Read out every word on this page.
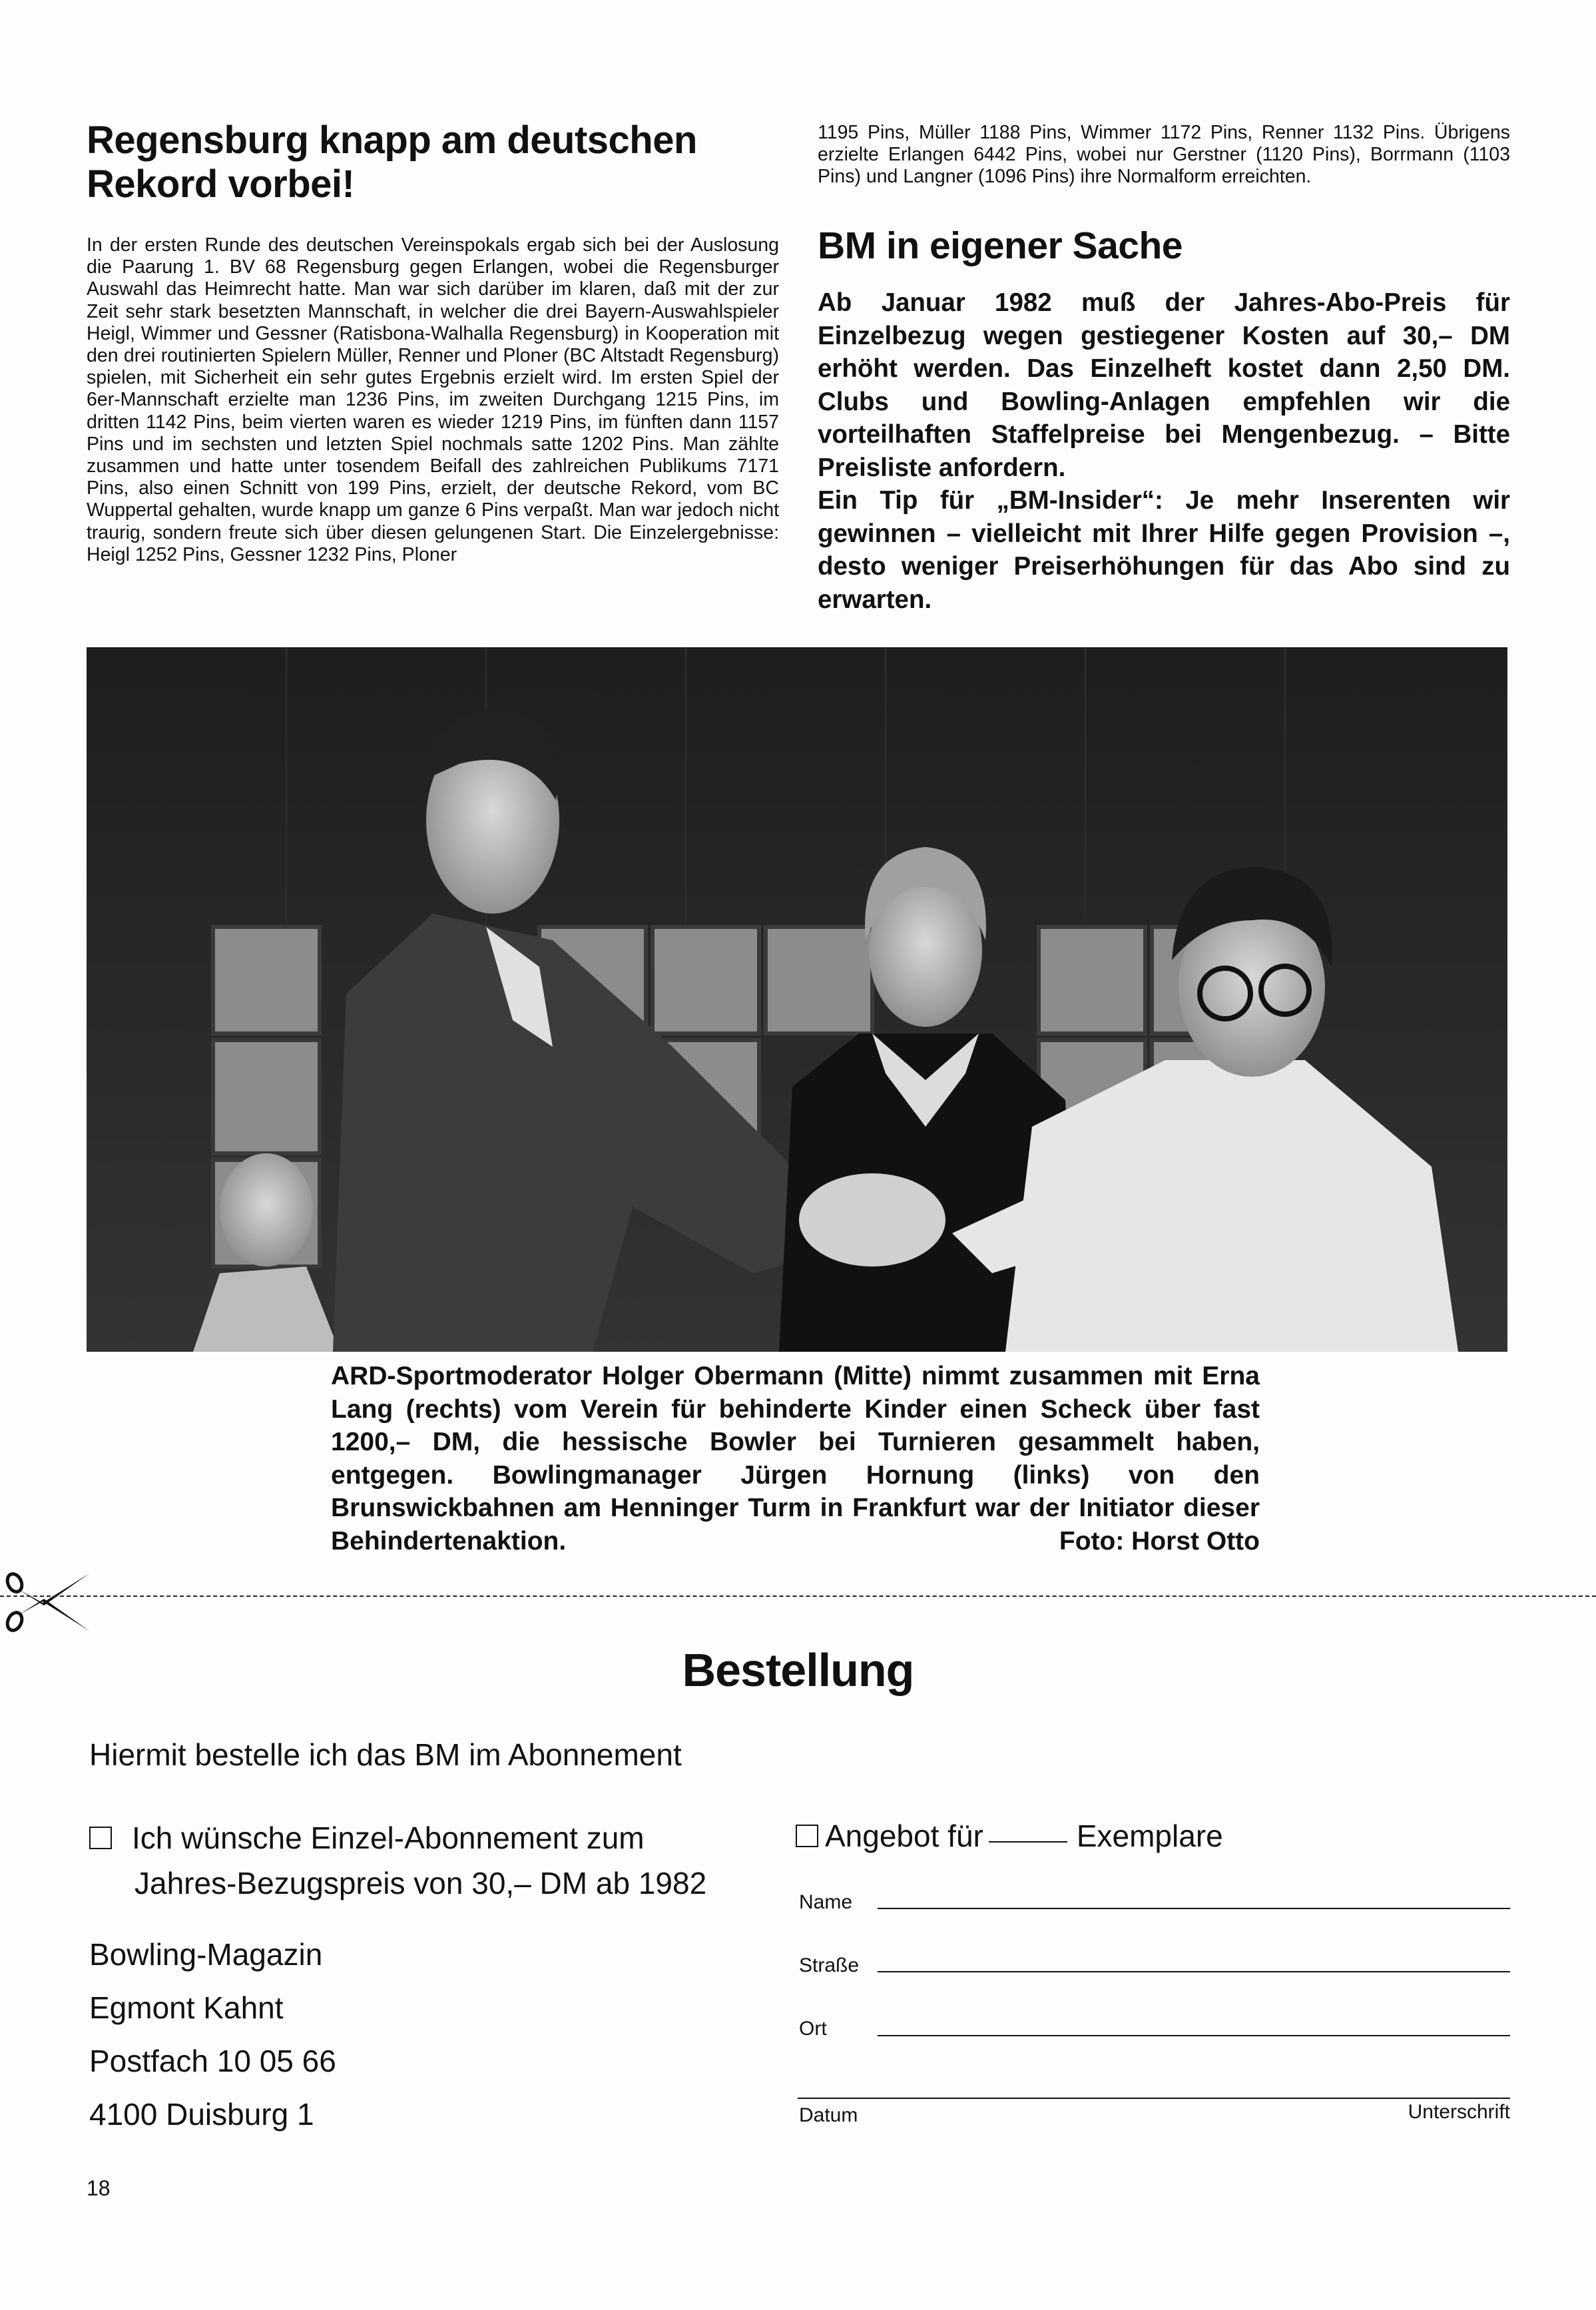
Regensburg knapp am deutschen Rekord vorbei!
In der ersten Runde des deutschen Vereinspokals ergab sich bei der Auslosung die Paarung 1. BV 68 Regensburg gegen Erlangen, wobei die Regensburger Auswahl das Heimrecht hatte. Man war sich darüber im klaren, daß mit der zur Zeit sehr stark besetzten Mannschaft, in welcher die drei Bayern-Auswahlspieler Heigl, Wimmer und Gessner (Ratisbona-Walhalla Regensburg) in Kooperation mit den drei routinierten Spielern Müller, Renner und Ploner (BC Altstadt Regensburg) spielen, mit Sicherheit ein sehr gutes Ergebnis erzielt wird. Im ersten Spiel der 6er-Mannschaft erzielte man 1236 Pins, im zweiten Durchgang 1215 Pins, im dritten 1142 Pins, beim vierten waren es wieder 1219 Pins, im fünften dann 1157 Pins und im sechsten und letzten Spiel nochmals satte 1202 Pins. Man zählte zusammen und hatte unter tosendem Beifall des zahlreichen Publikums 7171 Pins, also einen Schnitt von 199 Pins, erzielt, der deutsche Rekord, vom BC Wuppertal gehalten, wurde knapp um ganze 6 Pins verpaßt. Man war jedoch nicht traurig, sondern freute sich über diesen gelungenen Start. Die Einzelergebnisse: Heigl 1252 Pins, Gessner 1232 Pins, Ploner
1195 Pins, Müller 1188 Pins, Wimmer 1172 Pins, Renner 1132 Pins. Übrigens erzielte Erlangen 6442 Pins, wobei nur Gerstner (1120 Pins), Borrmann (1103 Pins) und Langner (1096 Pins) ihre Normalform erreichten.
BM in eigener Sache

Ab Januar 1982 muß der Jahres-Abo-Preis für Einzelbezug wegen gestiegener Kosten auf 30,– DM erhöht werden. Das Einzelheft kostet dann 2,50 DM. Clubs und Bowling-Anlagen empfehlen wir die vorteilhaften Staffelpreise bei Mengenbezug. – Bitte Preisliste anfordern.

Ein Tip für „BM-Insider“: Je mehr Inserenten wir gewinnen – vielleicht mit Ihrer Hilfe gegen Provision –, desto weniger Preiserhöhungen für das Abo sind zu erwarten.

ARD-Sportmoderator Holger Obermann (Mitte) nimmt zusammen mit Erna Lang (rechts) vom Verein für behinderte Kinder einen Scheck über fast 1200,– DM, die hessische Bowler bei Turnieren gesammelt haben, entgegen. Bowlingmanager Jürgen Hornung (links) von den Brunswickbahnen am Henninger Turm in Frankfurt war der Initiator dieser Behindertenaktion.	Foto: Horst Otto
Bestellung
Hiermit bestelle ich das BM im Abonnement
Ich wünsche Einzel-Abonnement zum
Jahres-Bezugspreis von 30,– DM ab 1982
Bowling-Magazin
Egmont Kahnt
Postfach 10 05 66
4100 Duisburg 1
Angebot für	Exemplare
Name
Straße
Ort
Datum	Unterschrift
18
